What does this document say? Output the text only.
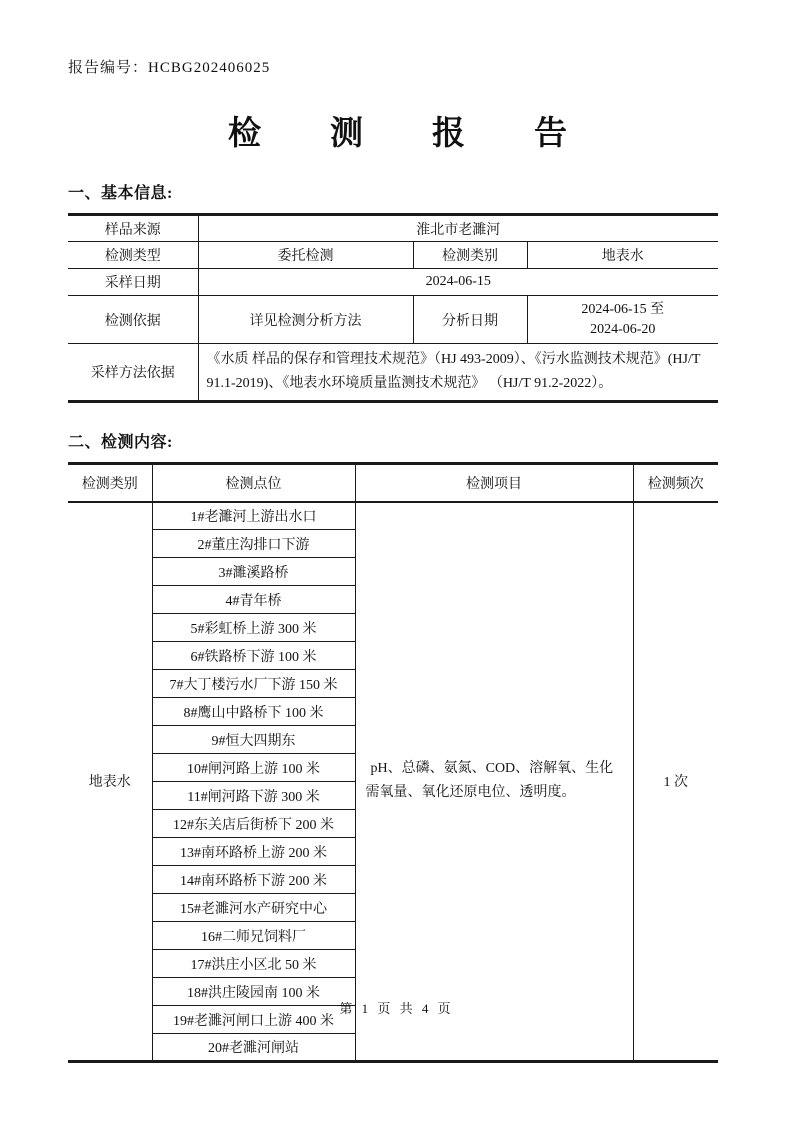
报告编号：HCBG202406025
检　　测　　报　　告
一、基本信息:
样品来源	淮北市老濉河		
检测类型	委托检测	检测类别	地表水
采样日期	2024-06-15		
检测依据	详见检测分析方法	分析日期	2024-06-15 至
2024-06-20

采样方法依据	《水质 样品的保存和管理技术规范》（HJ 493-2009）、《污水监测技术规范》(HJ/T 91.1-2019)、《地表水环境质量监测技术规范》 （HJ/T 91.2-2022）。		
二、检测内容:
检测类别	检测点位	检测项目	检测频次
地表水	1#老濉河上游出水口	pH、总磷、氨氮、COD、溶解氧、生化需氧量、氧化还原电位、透明度。	1 次
	2#董庄沟排口下游		
	3#濉溪路桥		
	4#青年桥		
	5#彩虹桥上游 300 米		
	6#铁路桥下游 100 米		
	7#大丁楼污水厂下游 150 米		
	8#鹰山中路桥下 100 米		
	9#恒大四期东		
	10#闸河路上游 100 米		
	11#闸河路下游 300 米		
	12#东关店后街桥下 200 米		
	13#南环路桥上游 200 米		
	14#南环路桥下游 200 米		
	15#老濉河水产研究中心		
	16#二师兄饲料厂		
	17#洪庄小区北 50 米		
	18#洪庄陵园南 100 米		
	19#老濉河闸口上游 400 米		
	20#老濉河闸站		
第 1 页 共 4 页
